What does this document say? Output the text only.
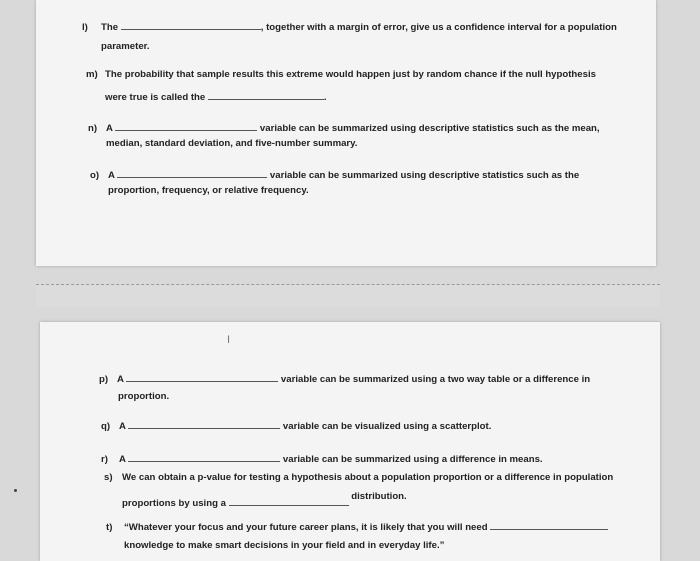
l) The	, together with a margin of error, give us a confidence interval for a population
parameter.
m) The probability that sample results this extreme would happen just by random chance if the null hypothesis
were true is called the	.
n) A	variable can be summarized using descriptive statistics such as the mean,
median, standard deviation, and five-number summary.
o) A	variable can be summarized using descriptive statistics such as the
proportion, frequency, or relative frequency.
I
p) A	variable can be summarized using a two way table or a difference in
proportion.
q) A	variable can be visualized using a scatterplot.
r) A	variable can be summarized using a difference in means.
s) We can obtain a p-value for testing a hypothesis about a population proportion or a difference in population
proportions by using a  distribution.
t) “Whatever your focus and your future career plans, it is likely that you will need
knowledge to make smart decisions in your field and in everyday life.”
